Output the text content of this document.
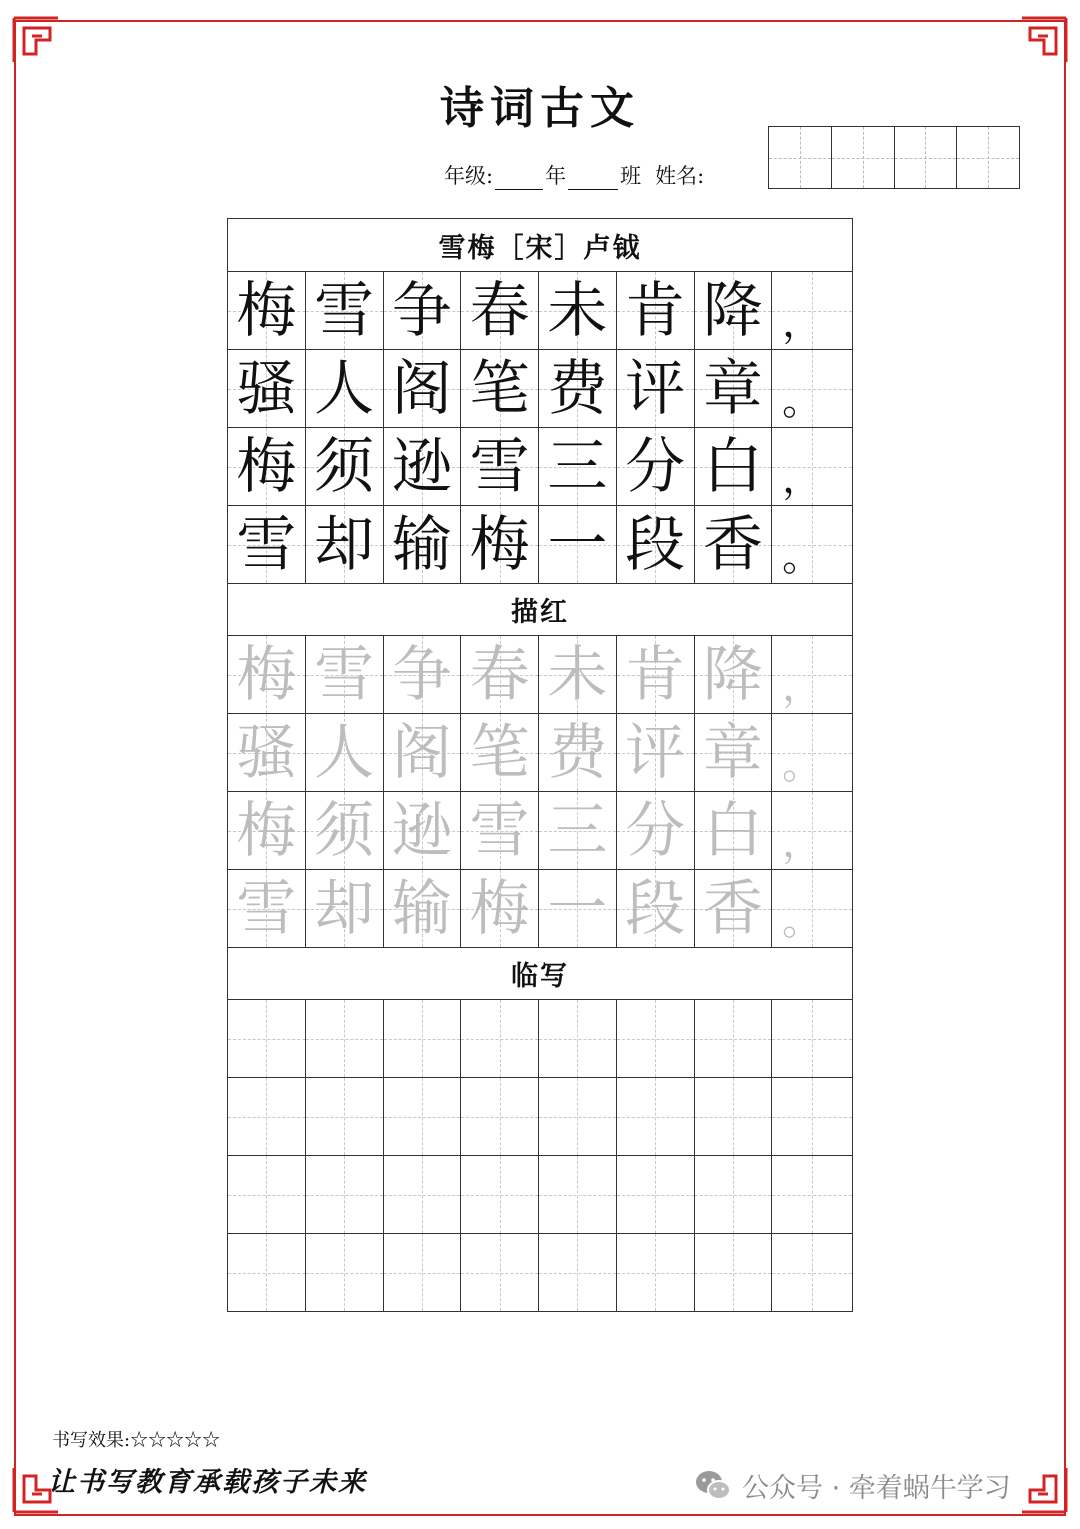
诗词古文
年级: 年	班 姓名:
雪梅［宋］卢钺
梅 雪 争 春 未 肯 降 ，
骚 人 阁 笔 费 评 章 。
梅 须 逊 雪 三 分 白 ，
雪 却 输 梅 一 段 香 。
描红
梅 雪 争 春 未 肯 降 ，
骚 人 阁 笔 费 评 章 。
梅 须 逊 雪 三 分 白 ，
雪 却 输 梅 一 段 香 。
临写
书写效果:☆☆☆☆☆
让书写教育承载孩子未来	公众号 · 牵着蜗牛学习
